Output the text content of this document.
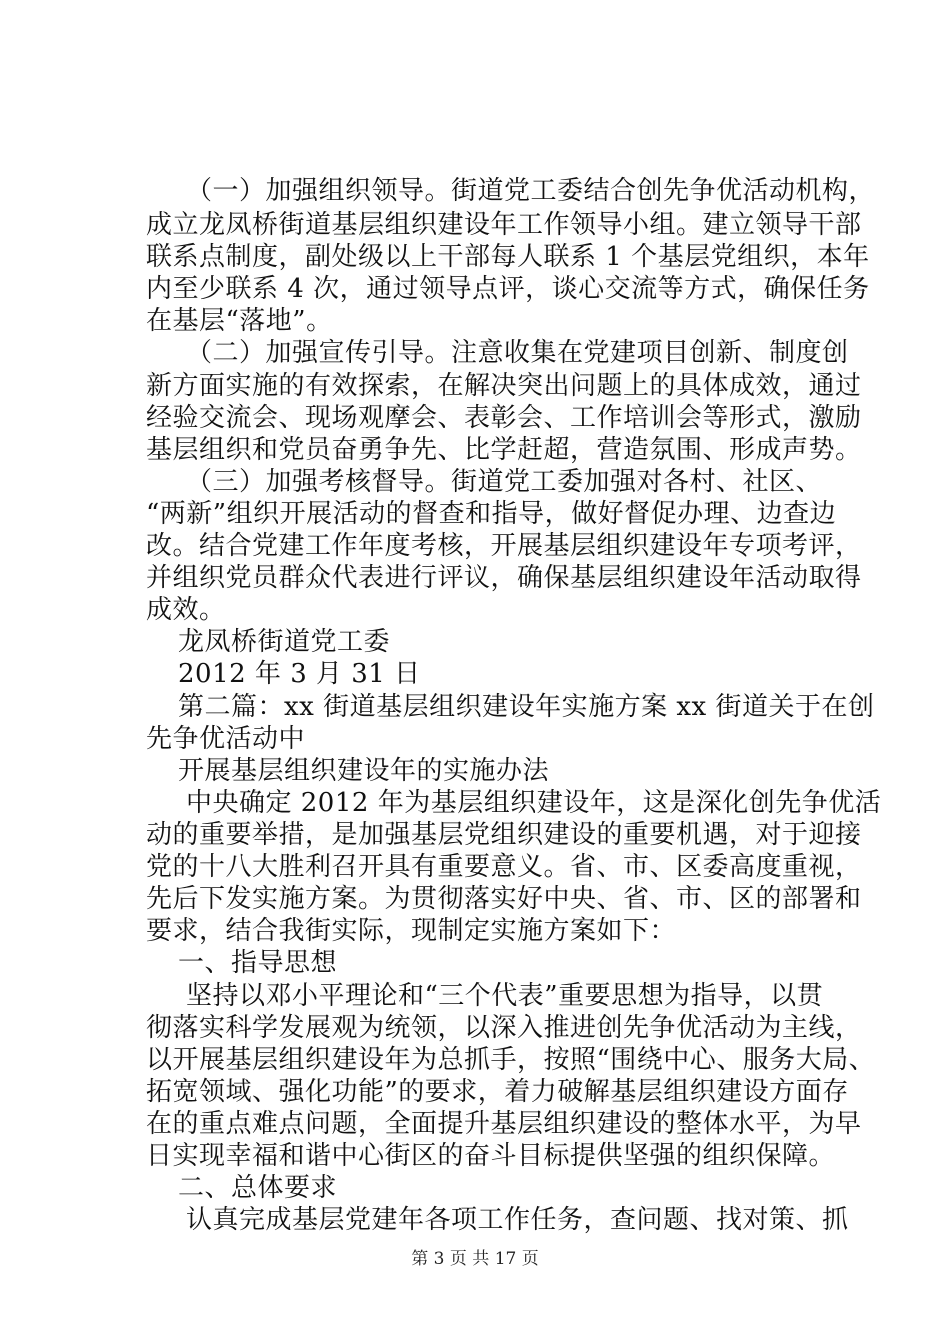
（一）加强组织领导。街道党工委结合创先争优活动机构，
成立龙凤桥街道基层组织建设年工作领导小组。建立领导干部
联系点制度，副处级以上干部每人联系 1 个基层党组织，本年
内至少联系 4 次，通过领导点评，谈心交流等方式，确保任务
在基层“落地”。
（二）加强宣传引导。注意收集在党建项目创新、制度创
新方面实施的有效探索，在解决突出问题上的具体成效，通过
经验交流会、现场观摩会、表彰会、工作培训会等形式，激励
基层组织和党员奋勇争先、比学赶超，营造氛围、形成声势。
（三）加强考核督导。街道党工委加强对各村、社区、
“两新”组织开展活动的督查和指导，做好督促办理、边查边
改。结合党建工作年度考核，开展基层组织建设年专项考评，
并组织党员群众代表进行评议，确保基层组织建设年活动取得
成效。
龙凤桥街道党工委
2012 年 3 月 31 日
第二篇：xx 街道基层组织建设年实施方案 xx 街道关于在创
先争优活动中
开展基层组织建设年的实施办法
中央确定 2012 年为基层组织建设年，这是深化创先争优活
动的重要举措，是加强基层党组织建设的重要机遇，对于迎接
党的十八大胜利召开具有重要意义。省、市、区委高度重视，
先后下发实施方案。为贯彻落实好中央、省、市、区的部署和
要求，结合我街实际，现制定实施方案如下：
一、指导思想
坚持以邓小平理论和“三个代表”重要思想为指导，以贯
彻落实科学发展观为统领，以深入推进创先争优活动为主线，
以开展基层组织建设年为总抓手，按照“围绕中心、服务大局、
拓宽领域、强化功能”的要求，着力破解基层组织建设方面存
在的重点难点问题，全面提升基层组织建设的整体水平，为早
日实现幸福和谐中心街区的奋斗目标提供坚强的组织保障。
二、总体要求
认真完成基层党建年各项工作任务，查问题、找对策、抓
第 3 页 共 17 页
